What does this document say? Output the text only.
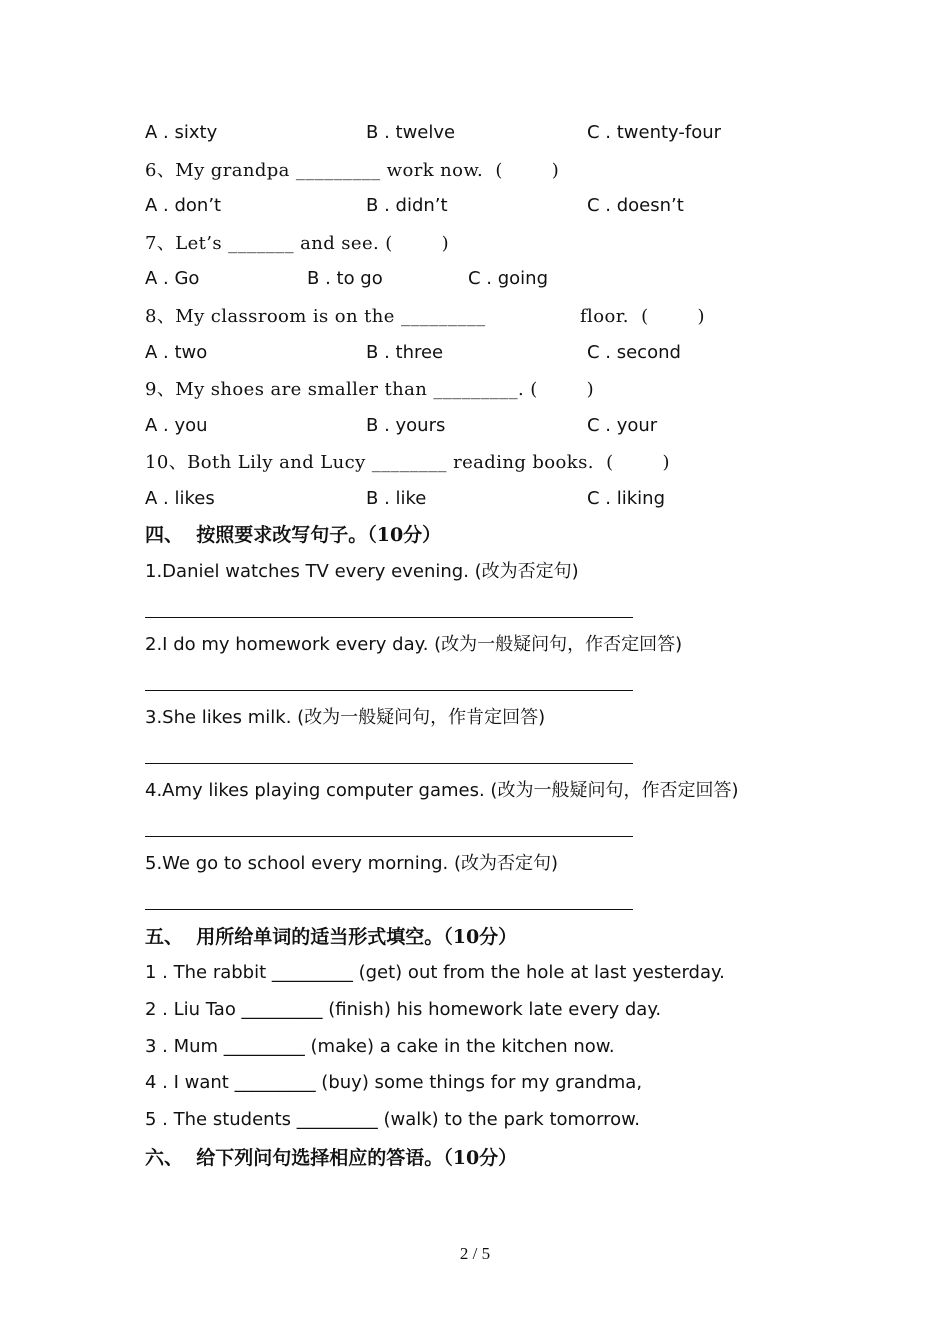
A . sixty	B . twelve	C . twenty-four
6、My grandpa _________ work now.  (        )
A . don’t	B . didn’t	C . doesn’t
7、Let’s _______ and see. (        )
A . Go	B . to go	C . going
8、My classroom is on the _________	floor.  (        )
A . two	B . three	C . second
9、My shoes are smaller than _________. (        )
A . you	B . yours	C . your
10、Both Lily and Lucy ________ reading books.  (        )
A . likes	B . like	C . liking
四、  按照要求改写句子。（10分）
1.Daniel watches TV every evening. (改为否定句)
2.I do my homework every day. (改为一般疑问句，作否定回答)
3.She likes milk. (改为一般疑问句，作肯定回答)
4.Amy likes playing computer games. (改为一般疑问句，作否定回答)
5.We go to school every morning. (改为否定句)
五、  用所给单词的适当形式填空。（10分）
1 . The rabbit _________ (get) out from the hole at last yesterday.
2 . Liu Tao _________ (finish) his homework late every day.
3 . Mum _________ (make) a cake in the kitchen now.
4 . I want _________ (buy) some things for my grandma,
5 . The students _________ (walk) to the park tomorrow.
六、  给下列问句选择相应的答语。（10分）
2 / 5
